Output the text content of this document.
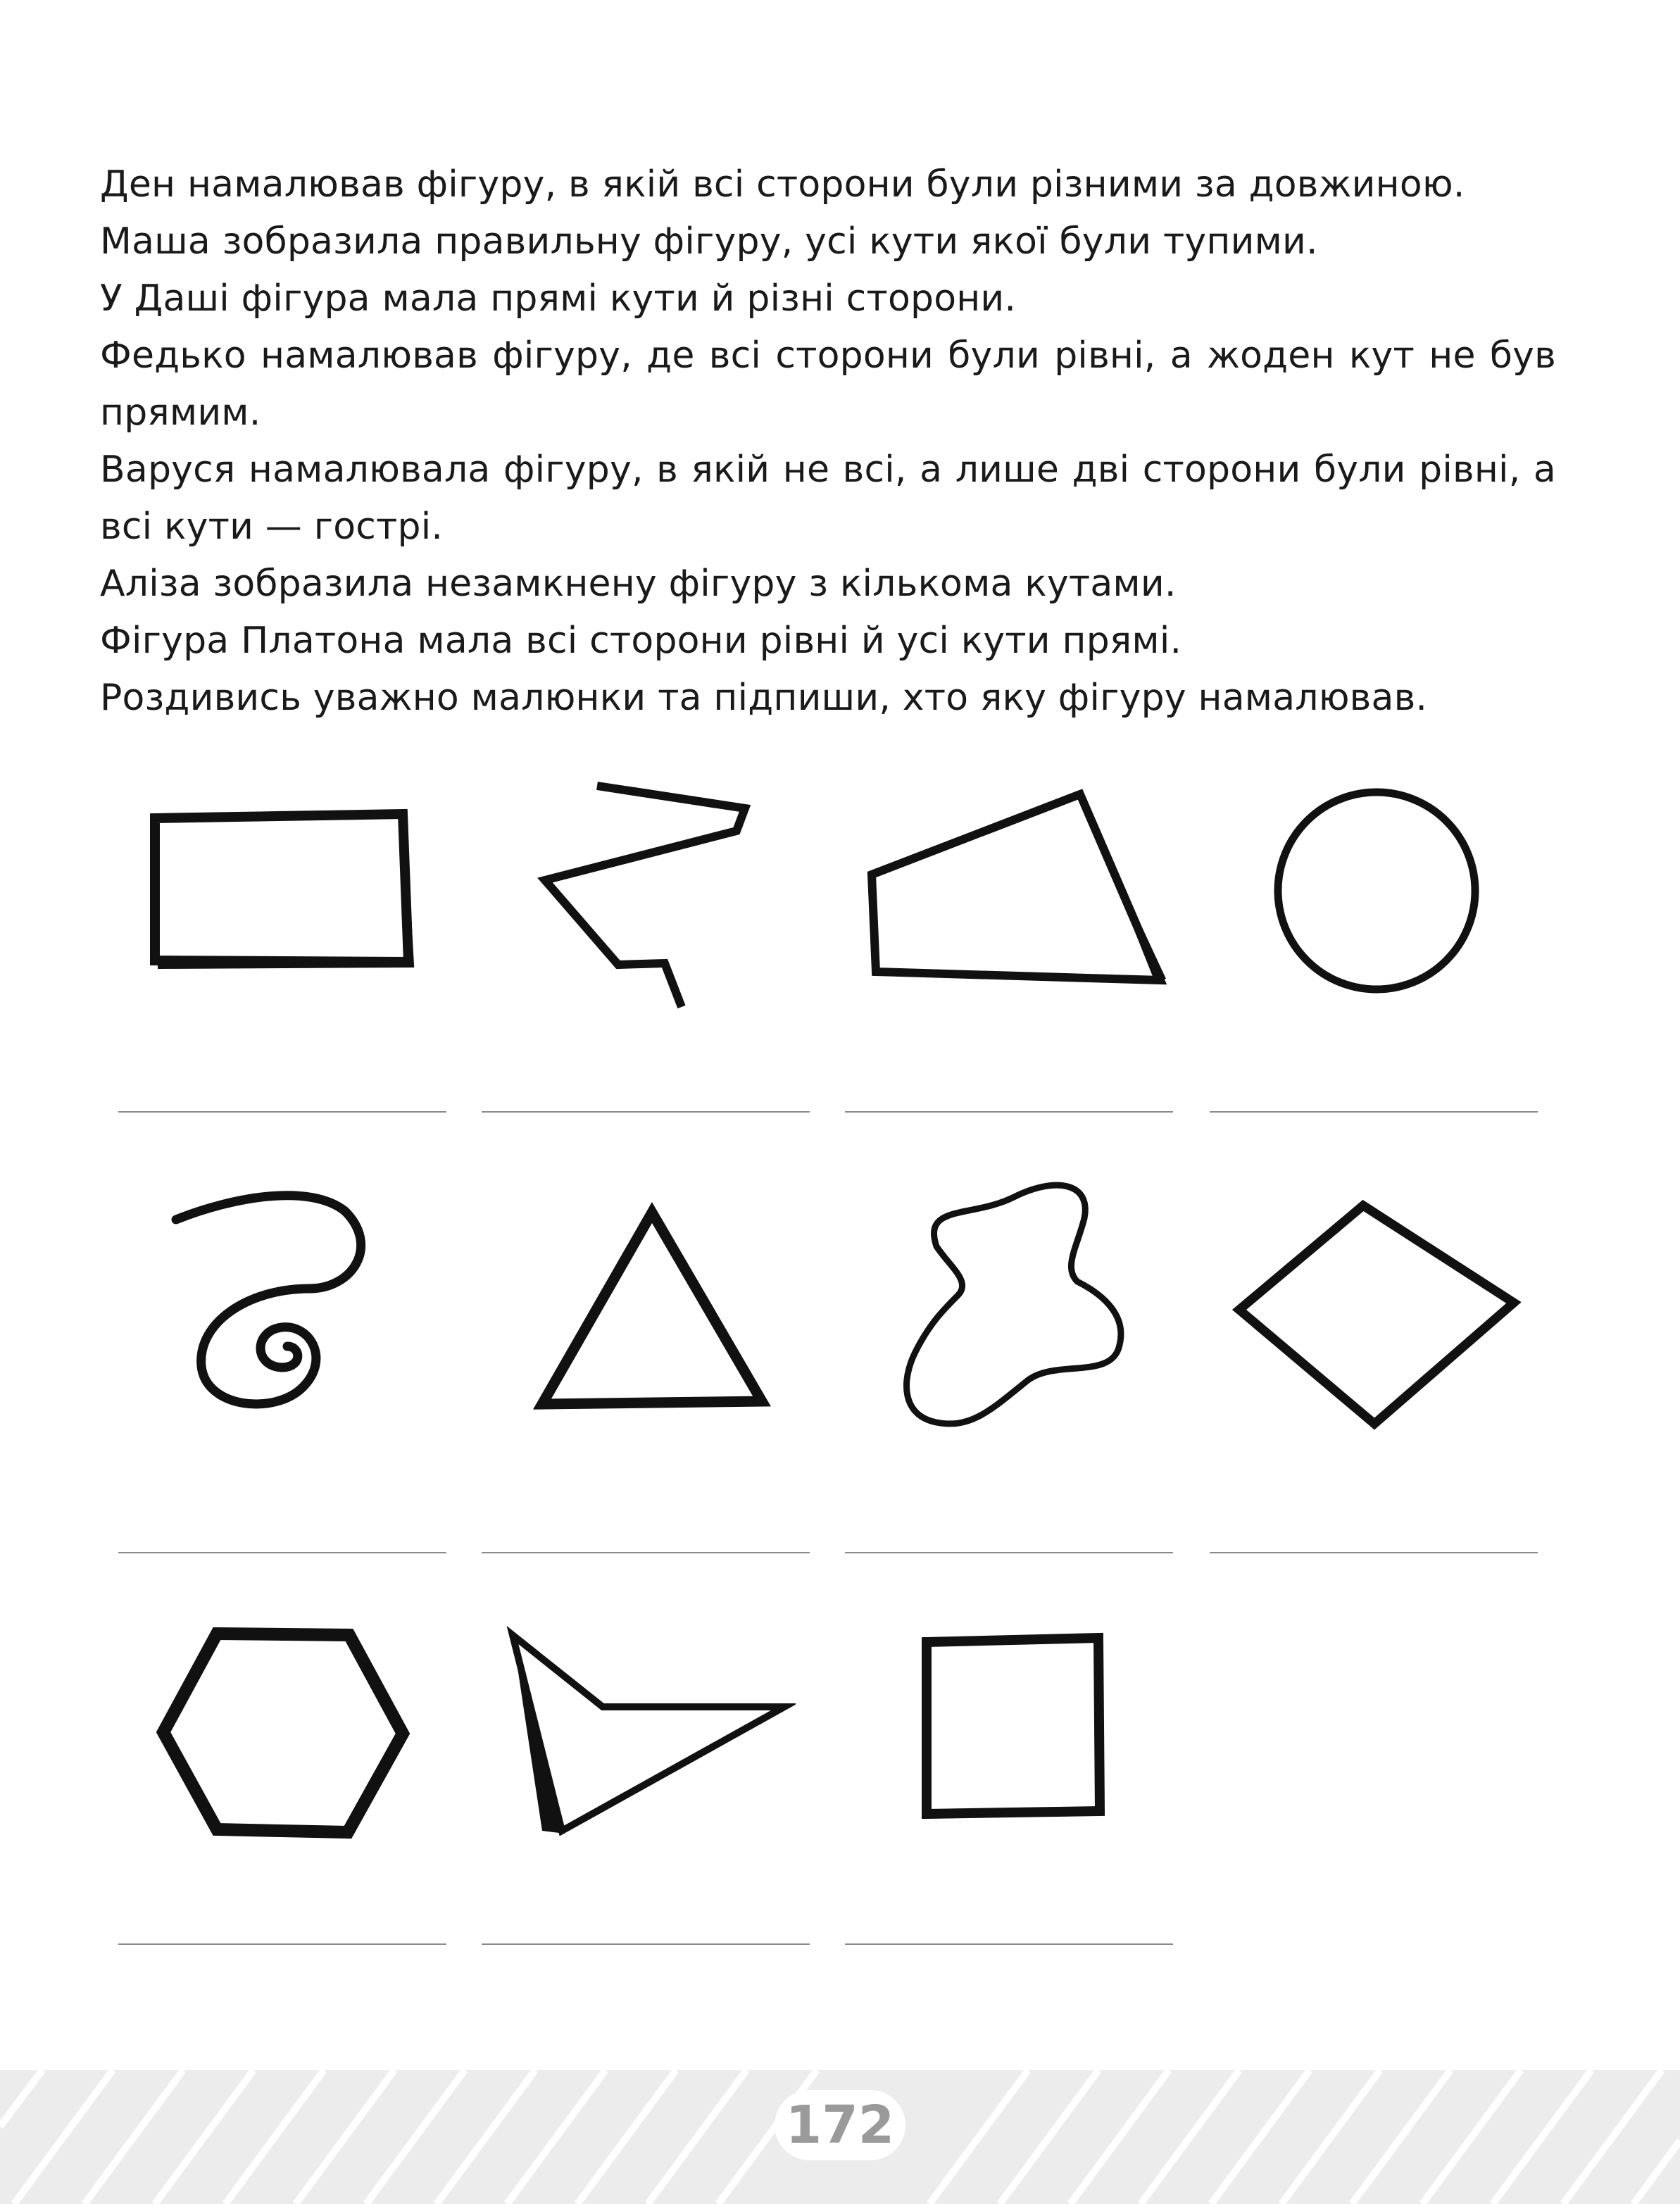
Ден намалював фігуру, в якій всі сторони були різними за довжиною.

Маша зобразила правильну фігуру, усі кути якої були тупими.

У Даші фігура мала прямі кути й різні сторони.

Федько намалював фігуру, де всі сторони були рівні, а жоден кут не був прямим.

Варуся намалювала фігуру, в якій не всі, а лише дві сторони були рівні, а всі кути — гострі.

Аліза зобразила незамкнену фігуру з кількома кутами.

Фігура Платона мала всі сторони рівні й усі кути прямі.

Роздивись уважно малюнки та підпиши, хто яку фігуру намалював.

172
